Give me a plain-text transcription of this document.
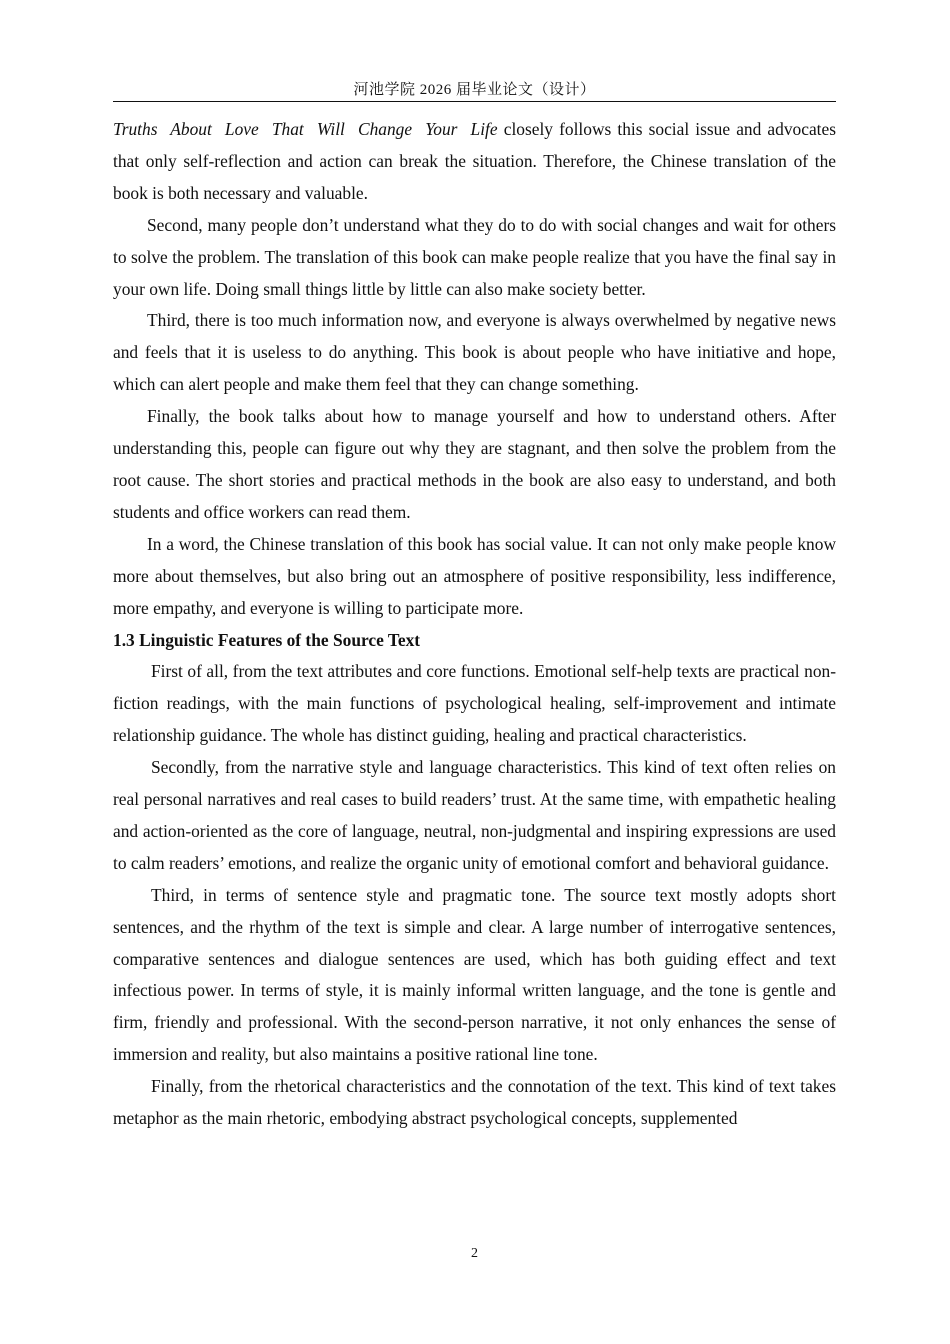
河池学院 2026 届毕业论文（设计）

Truths About Love That Will Change Your Life closely follows this social issue and advocates that only self-reflection and action can break the situation. Therefore, the Chinese translation of the book is both necessary and valuable.

Second, many people don’t understand what they do to do with social changes and wait for others to solve the problem. The translation of this book can make people realize that you have the final say in your own life. Doing small things little by little can also make society better.

Third, there is too much information now, and everyone is always overwhelmed by negative news and feels that it is useless to do anything. This book is about people who have initiative and hope, which can alert people and make them feel that they can change something.

Finally, the book talks about how to manage yourself and how to understand others. After understanding this, people can figure out why they are stagnant, and then solve the problem from the root cause. The short stories and practical methods in the book are also easy to understand, and both students and office workers can read them.

In a word, the Chinese translation of this book has social value. It can not only make people know more about themselves, but also bring out an atmosphere of positive responsibility, less indifference, more empathy, and everyone is willing to participate more.

1.3 Linguistic Features of the Source Text

First of all, from the text attributes and core functions. Emotional self-help texts are practical non-fiction readings, with the main functions of psychological healing, self-improvement and intimate relationship guidance. The whole has distinct guiding, healing and practical characteristics.

Secondly, from the narrative style and language characteristics. This kind of text often relies on real personal narratives and real cases to build readers’ trust. At the same time, with empathetic healing and action-oriented as the core of language, neutral, non-judgmental and inspiring expressions are used to calm readers’ emotions, and realize the organic unity of emotional comfort and behavioral guidance.

Third, in terms of sentence style and pragmatic tone. The source text mostly adopts short sentences, and the rhythm of the text is simple and clear. A large number of interrogative sentences, comparative sentences and dialogue sentences are used, which has both guiding effect and text infectious power. In terms of style, it is mainly informal written language, and the tone is gentle and firm, friendly and professional. With the second-person narrative, it not only enhances the sense of immersion and reality, but also maintains a positive rational line tone.

Finally, from the rhetorical characteristics and the connotation of the text. This kind of text takes metaphor as the main rhetoric, embodying abstract psychological concepts, supplemented

2
